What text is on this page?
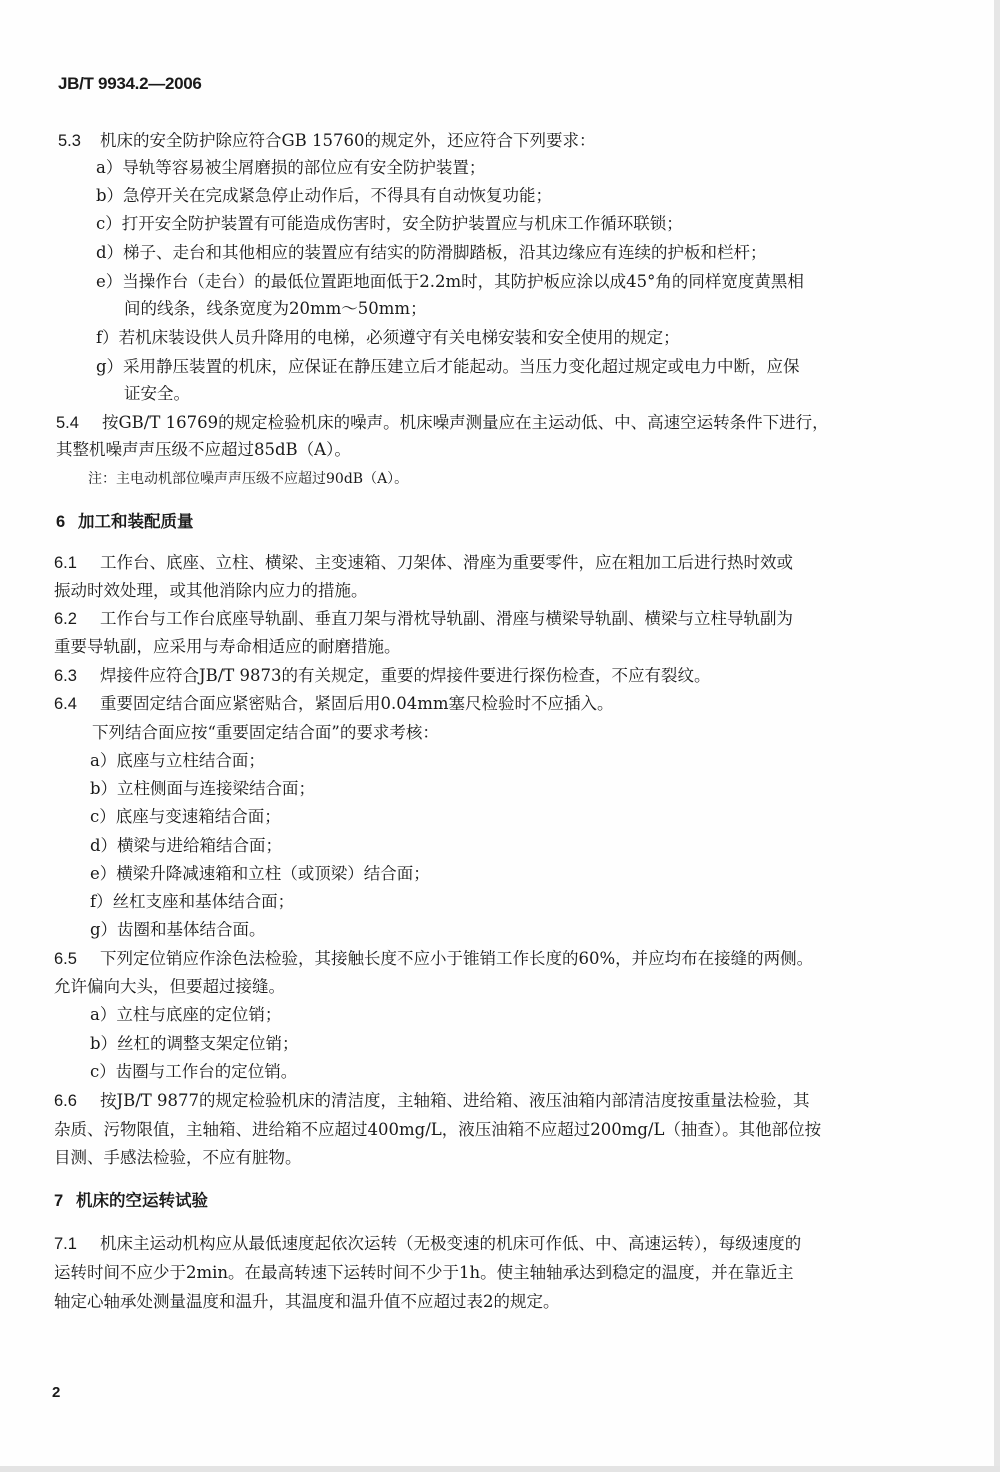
JB/T 9934.2—2006
5.3 机床的安全防护除应符合GB 15760的规定外，还应符合下列要求：
a）导轨等容易被尘屑磨损的部位应有安全防护装置；
b）急停开关在完成紧急停止动作后，不得具有自动恢复功能；
c）打开安全防护装置有可能造成伤害时，安全防护装置应与机床工作循环联锁；
d）梯子、走台和其他相应的装置应有结实的防滑脚踏板，沿其边缘应有连续的护板和栏杆；
e）当操作台（走台）的最低位置距地面低于2.2m时，其防护板应涂以成45°角的同样宽度黄黑相
间的线条，线条宽度为20mm～50mm；
f）若机床装设供人员升降用的电梯，必须遵守有关电梯安装和安全使用的规定；
g）采用静压装置的机床，应保证在静压建立后才能起动。当压力变化超过规定或电力中断，应保
证安全。
5.4 按GB/T 16769的规定检验机床的噪声。机床噪声测量应在主运动低、中、高速空运转条件下进行，
其整机噪声声压级不应超过85dB（A）。
注：主电动机部位噪声声压级不应超过90dB（A）。
6 加工和装配质量
6.1 工作台、底座、立柱、横梁、主变速箱、刀架体、滑座为重要零件，应在粗加工后进行热时效或
振动时效处理，或其他消除内应力的措施。
6.2 工作台与工作台底座导轨副、垂直刀架与滑枕导轨副、滑座与横梁导轨副、横梁与立柱导轨副为
重要导轨副，应采用与寿命相适应的耐磨措施。
6.3 焊接件应符合JB/T 9873的有关规定，重要的焊接件要进行探伤检查，不应有裂纹。
6.4 重要固定结合面应紧密贴合，紧固后用0.04mm塞尺检验时不应插入。
下列结合面应按“重要固定结合面”的要求考核：
a）底座与立柱结合面；
b）立柱侧面与连接梁结合面；
c）底座与变速箱结合面；
d）横梁与进给箱结合面；
e）横梁升降减速箱和立柱（或顶梁）结合面；
f）丝杠支座和基体结合面；
g）齿圈和基体结合面。
6.5 下列定位销应作涂色法检验，其接触长度不应小于锥销工作长度的60%，并应均布在接缝的两侧。
允许偏向大头，但要超过接缝。
a）立柱与底座的定位销；
b）丝杠的调整支架定位销；
c）齿圈与工作台的定位销。
6.6 按JB/T 9877的规定检验机床的清洁度，主轴箱、进给箱、液压油箱内部清洁度按重量法检验，其
杂质、污物限值，主轴箱、进给箱不应超过400mg/L，液压油箱不应超过200mg/L（抽查）。其他部位按
目测、手感法检验，不应有脏物。
7 机床的空运转试验
7.1 机床主运动机构应从最低速度起依次运转（无极变速的机床可作低、中、高速运转），每级速度的
运转时间不应少于2min。在最高转速下运转时间不少于1h。使主轴轴承达到稳定的温度，并在靠近主
轴定心轴承处测量温度和温升，其温度和温升值不应超过表2的规定。
2
